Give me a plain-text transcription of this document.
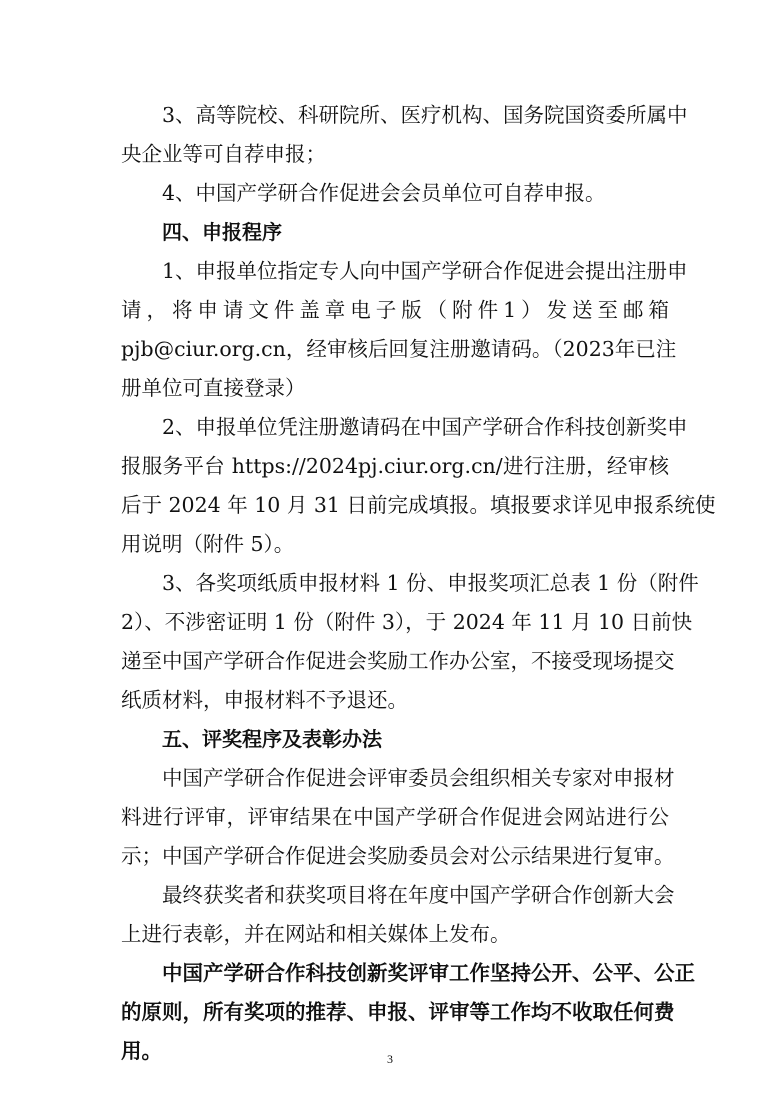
3、高等院校、科研院所、医疗机构、国务院国资委所属中
央企业等可自荐申报；
4、中国产学研合作促进会会员单位可自荐申报。
四、申报程序
1、申报单位指定专人向中国产学研合作促进会提出注册申
请，将申请文件盖章电子版（附件1）发送至邮箱
pjb@ciur.org.cn，经审核后回复注册邀请码。（2023年已注
册单位可直接登录）
2、申报单位凭注册邀请码在中国产学研合作科技创新奖申
报服务平台 https://2024pj.ciur.org.cn/进行注册，经审核
后于 2024 年 10 月 31 日前完成填报。填报要求详见申报系统使
用说明（附件 5）。
3、各奖项纸质申报材料 1 份、申报奖项汇总表 1 份（附件
2）、不涉密证明 1 份（附件 3），于 2024 年 11 月 10 日前快
递至中国产学研合作促进会奖励工作办公室，不接受现场提交
纸质材料，申报材料不予退还。
五、评奖程序及表彰办法
中国产学研合作促进会评审委员会组织相关专家对申报材
料进行评审，评审结果在中国产学研合作促进会网站进行公
示；中国产学研合作促进会奖励委员会对公示结果进行复审。
最终获奖者和获奖项目将在年度中国产学研合作创新大会
上进行表彰，并在网站和相关媒体上发布。
中国产学研合作科技创新奖评审工作坚持公开、公平、公正
的原则，所有奖项的推荐、申报、评审等工作均不收取任何费
用。	3
